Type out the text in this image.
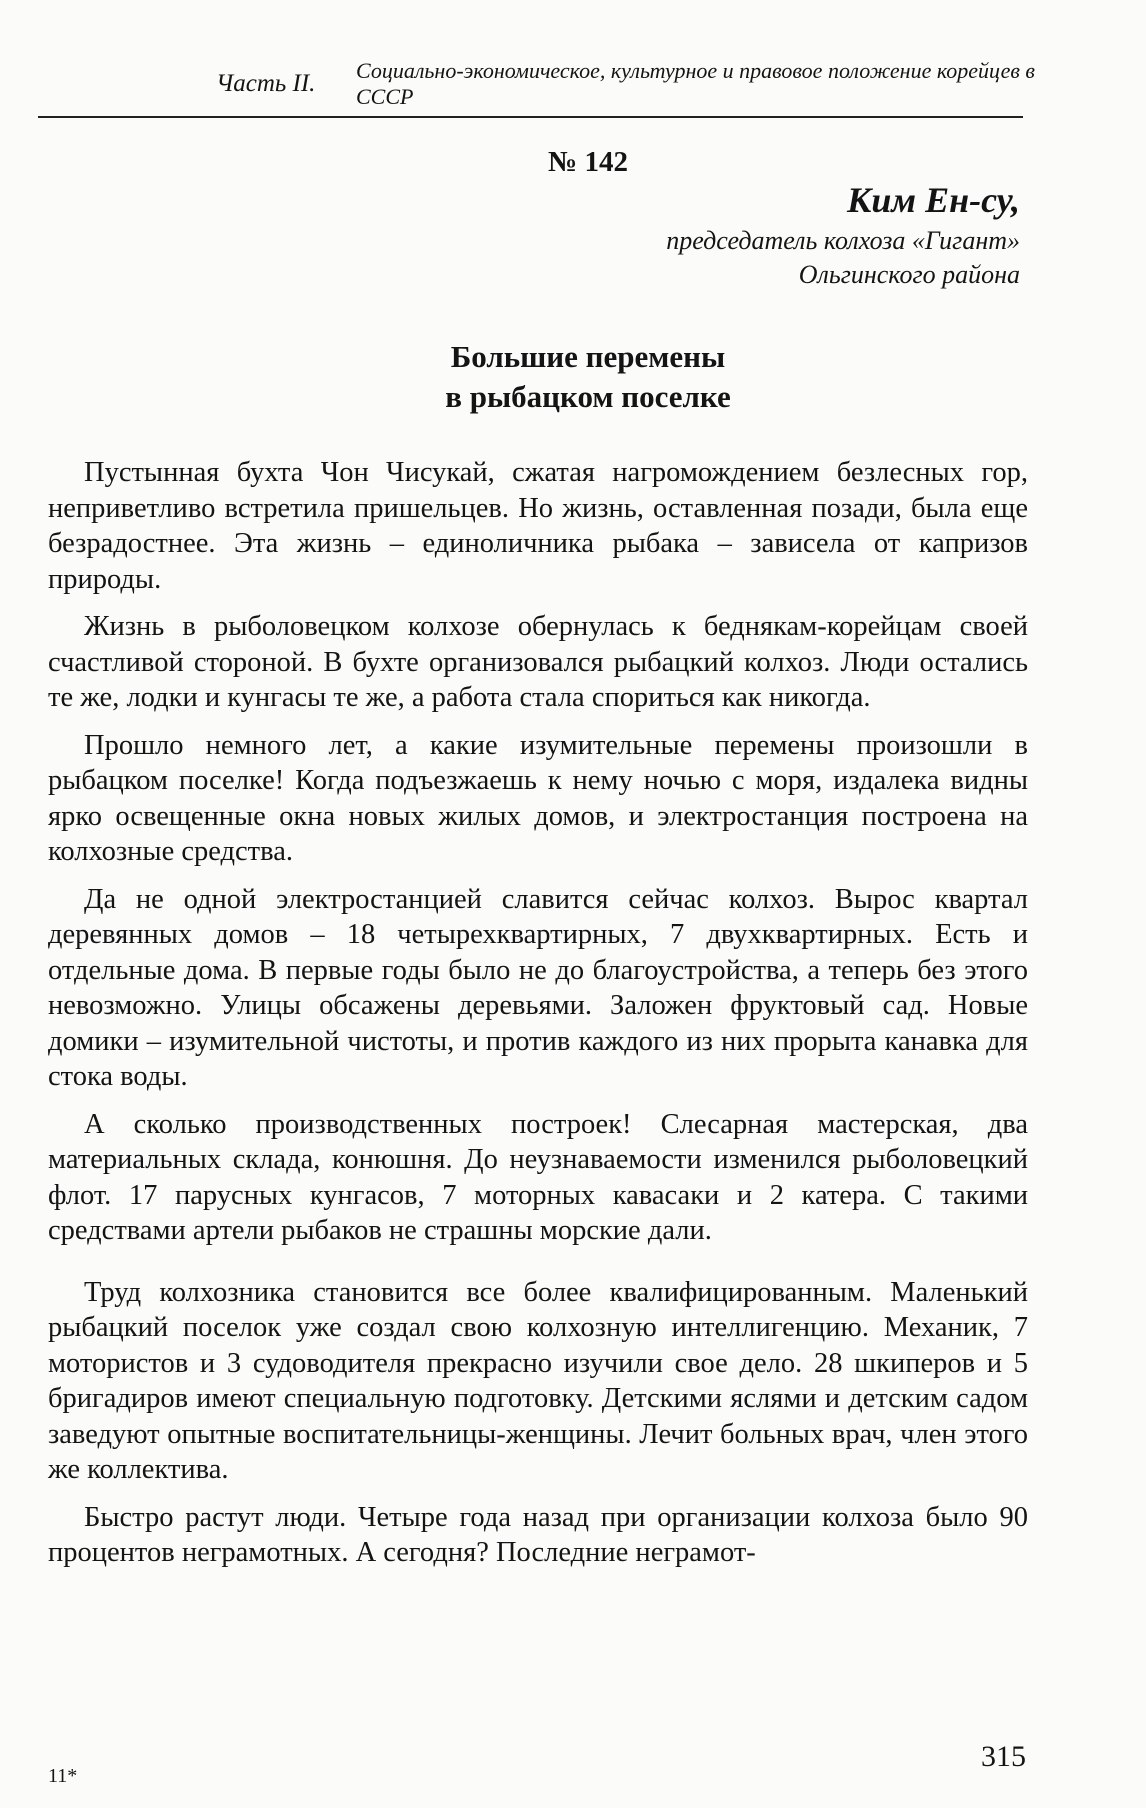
Часть II. Социально-экономическое, культурное и правовое положение корейцев в СССР
№ 142
Ким Ен-су,
председатель колхоза «Гигант»
Ольгинского района
Большие перемены
в рыбацком поселке

Пустынная бухта Чон Чисукай, сжатая нагромождением безлесных гор, неприветливо встретила пришельцев. Но жизнь, оставленная позади, была еще безрадостнее. Эта жизнь – единоличника рыбака – зависела от капризов природы.

Жизнь в рыболовецком колхозе обернулась к беднякам-корейцам своей счастливой стороной. В бухте организовался рыбацкий колхоз. Люди остались те же, лодки и кунгасы те же, а работа стала спориться как никогда.

Прошло немного лет, а какие изумительные перемены произошли в рыбацком поселке! Когда подъезжаешь к нему ночью с моря, издалека видны ярко освещенные окна новых жилых домов, и электростанция построена на колхозные средства.

Да не одной электростанцией славится сейчас колхоз. Вырос квартал деревянных домов – 18 четырехквартирных, 7 двухквартирных. Есть и отдельные дома. В первые годы было не до благоустройства, а теперь без этого невозможно. Улицы обсажены деревьями. Заложен фруктовый сад. Новые домики – изумительной чистоты, и против каждого из них прорыта канавка для стока воды.

А сколько производственных построек! Слесарная мастерская, два материальных склада, конюшня. До неузнаваемости изменился рыболовецкий флот. 17 парусных кунгасов, 7 моторных кавасаки и 2 катера. С такими средствами артели рыбаков не страшны морские дали.

Труд колхозника становится все более квалифицированным. Маленький рыбацкий поселок уже создал свою колхозную интеллигенцию. Механик, 7 мотористов и 3 судоводителя прекрасно изучили свое дело. 28 шкиперов и 5 бригадиров имеют специальную подготовку. Детскими яслями и детским садом заведуют опытные воспитательницы-женщины. Лечит больных врач, член этого же коллектива.

Быстро растут люди. Четыре года назад при организации колхоза было 90 процентов неграмотных. А сегодня? Последние неграмот-

11*
315
